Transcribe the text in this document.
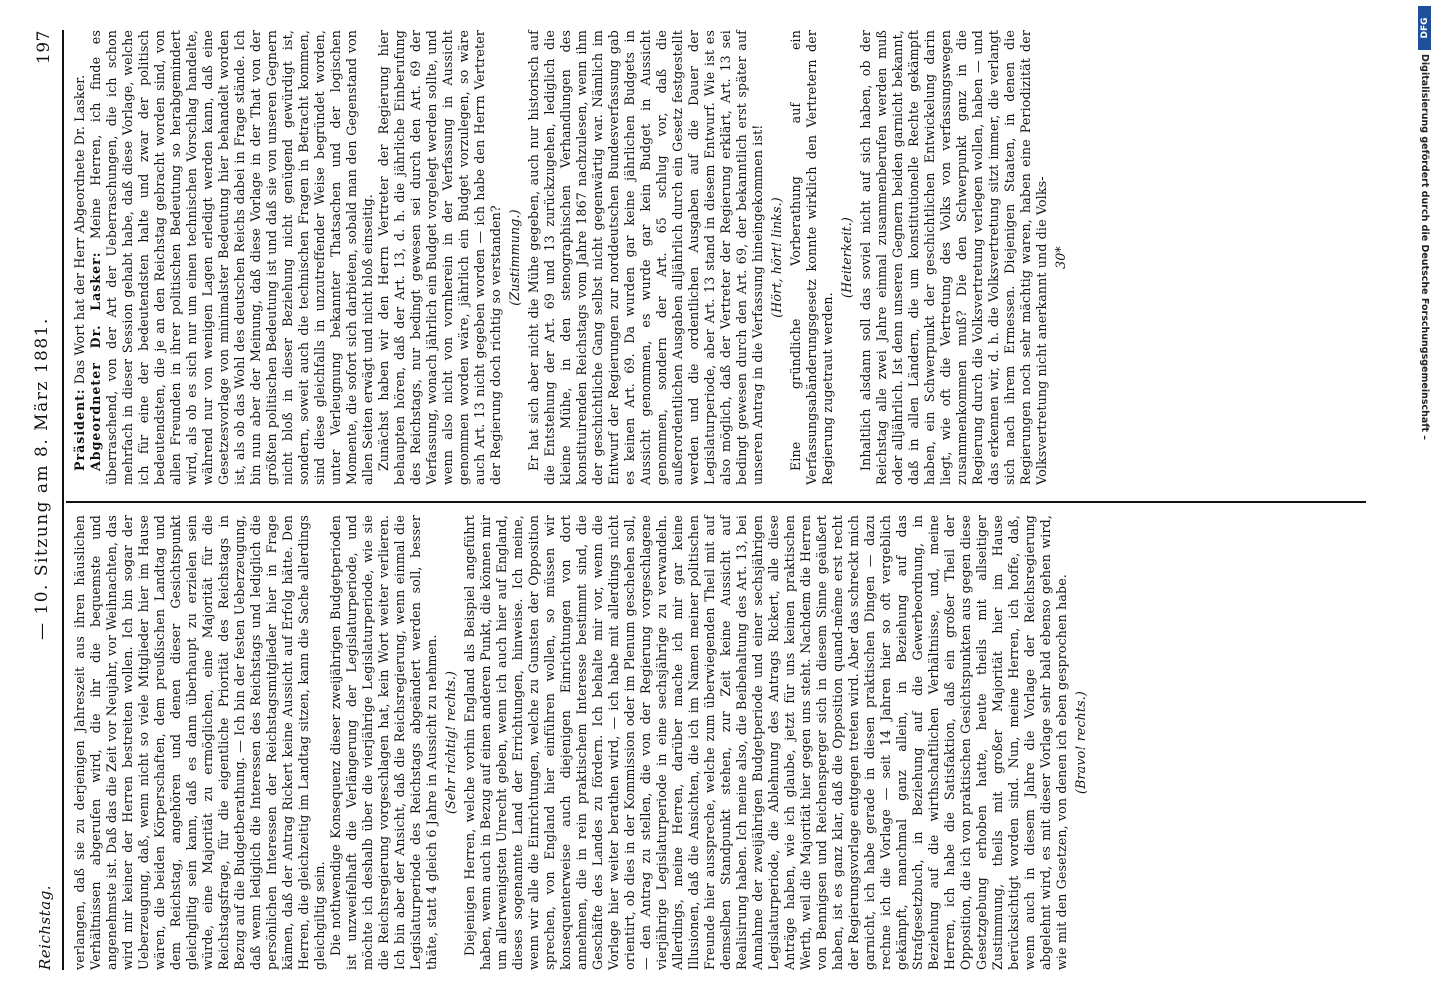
Reichstag.
— 10. Sitzung am 8. März 1881.
197

verlangen, daß sie zu derjenigen Jahreszeit aus ihren häuslichen Verhältnissen abgerufen wird, die ihr die bequemste und angenehmste ist. Daß das die Zeit vor Neujahr, vor Weihnachten, das wird mir keiner der Herren bestreiten wollen. Ich bin sogar der Ueberzeugung, daß, wenn nicht so viele Mitglieder hier im Hause wären, die beiden Körperschaften, dem preußischen Landtag und dem Reichstag, angehören und denen dieser Gesichtspunkt gleichgiltig sein kann, daß es dann überhaupt zu erzielen sein würde, eine Majorität zu ermöglichen, eine Majorität für die Reichstagsfrage, für die eigentliche Priorität des Reichstags in Bezug auf die Budgetberathung. — Ich bin der festen Ueberzeugung, daß wenn lediglich die Interessen des Reichstags und lediglich die persönlichen Interessen der Reichstagsmitglieder hier in Frage kämen, daß der Antrag Rickert keine Aussicht auf Erfolg hätte. Den Herren, die gleichzeitig im Landtag sitzen, kann die Sache allerdings gleichgiltig sein. Die nothwendige Konsequenz dieser zweijährigen Budgetperioden ist unzweifelhaft die Verlängerung der Legislaturperiode, und möchte ich deshalb über die vierjährige Legislaturperiode, wie sie die Reichsregierung vorgeschlagen hat, kein Wort weiter verlieren. Ich bin aber der Ansicht, daß die Reichsregierung, wenn einmal die Legislaturperiode des Reichstags abgeändert werden soll, besser thäte, statt 4 gleich 6 Jahre in Aussicht zu nehmen. (Sehr richtig! rechts.) Diejenigen Herren, welche vorhin England als Beispiel angeführt haben, wenn auch in Bezug auf einen anderen Punkt, die können mir um allerwenigsten Unrecht geben, wenn ich auch hier auf England, dieses sogenannte Land der Errichtungen, hinweise. Ich meine, wenn wir alle die Einrichtungen, welche zu Gunsten der Opposition sprechen, von England hier einführen wollen, so müssen wir konsequenterweise auch diejenigen Einrichtungen von dort annehmen, die in rein praktischem Interesse bestimmt sind, die Geschäfte des Landes zu fördern. Ich behalte mir vor, wenn die Vorlage hier weiter berathen wird, — ich habe mit allerdings nicht orientirt, ob dies in der Kommission oder im Plenum geschehen soll, — den Antrag zu stellen, die von der Regierung vorgeschlagene vierjährige Legislaturperiode in eine sechsjährige zu verwandeln. Allerdings, meine Herren, darüber mache ich mir gar keine Illusionen, daß die Ansichten, die ich im Namen meiner politischen Freunde hier ausspreche, welche zum überwiegenden Theil mit auf demselben Standpunkt stehen, zur Zeit keine Aussicht auf Realisirung haben. Ich meine also, die Beibehaltung des Art. 13, bei Annahme der zweijährigen Budgetperiode und einer sechsjährigen Legislaturperiode, die Ablehnung des Antrags Rickert, alle diese Anträge haben, wie ich glaube, jetzt für uns keinen praktischen Werth, weil die Majorität hier gegen uns steht. Nachdem die Herren von Bennigsen und Reichensperger sich in diesem Sinne geäußert haben, ist es ganz klar, daß die Opposition quand-même erst recht der Regierungsvorlage entgegen treten wird. Aber das schreckt mich garnicht, ich habe gerade in diesen praktischen Dingen — dazu rechne ich die Vorlage — seit 14 Jahren hier so oft vergeblich gekämpft, manchmal ganz allein, in Beziehung auf das Strafgesetzbuch, in Beziehung auf die Gewerbeordnung, in Beziehung auf die wirthschaftlichen Verhältnisse, und, meine Herren, ich habe die Satisfaktion, daß ein großer Theil der Opposition, die ich von praktischen Gesichtspunkten aus gegen diese Gesetzgebung erhoben hatte, heute theils mit allseitiger Zustimmung, theils mit großer Majorität hier im Hause berücksichtigt worden sind. Nun, meine Herren, ich hoffe, daß, wenn auch in diesem Jahre die Vorlage der Reichsregierung abgelehnt wird, es mit dieser Vorlage sehr bald ebenso gehen wird, wie mit den Gesetzen, von denen ich eben gesprochen habe. (Bravo! rechts.)

Präsident: Das Wort hat der Herr Abgeordnete Dr. Lasker. Abgeordneter Dr. Lasker: Meine Herren, ich finde es überraschend, von der Art der Ueberraschungen, die ich schon mehrfach in dieser Session gehabt habe, daß diese Vorlage, welche ich für eine der bedeutendsten halte und zwar der politisch bedeutendsten, die je an den Reichstag gebracht worden sind, von allen Freunden in ihrer politischen Bedeutung so herabgemindert wird, als ob es sich nur um einen technischen Vorschlag handelte, während nur von wenigen Lagen erledigt werden kann, daß eine Gesetzesvorlage von minimalster Bedeutung hier behandelt worden ist, als ob das Wohl des deutschen Reichs dabei in Frage stände. Ich bin nun aber der Meinung, daß diese Vorlage in der That von der größten politischen Bedeutung ist und daß sie von unseren Gegnern nicht bloß in dieser Beziehung nicht genügend gewürdigt ist, sondern, soweit auch die technischen Fragen in Betracht kommen, sind diese gleichfalls in unzutreffender Weise begründet worden, unter Verleugnung bekannter Thatsachen und der logischen Momente, die sofort sich darbieten, sobald man den Gegenstand von allen Seiten erwägt und nicht bloß einseitig. Zunächst haben wir den Herrn Vertreter der Regierung hier behaupten hören, daß der Art. 13, d. h. die jährliche Einberufung des Reichstags, nur bedingt gewesen sei durch den Art. 69 der Verfassung, wonach jährlich ein Budget vorgelegt werden sollte, und wenn also nicht von vornherein in der Verfassung in Aussicht genommen worden wäre, jährlich ein Budget vorzulegen, so wäre auch Art. 13 nicht gegeben worden — ich habe den Herrn Vertreter der Regierung doch richtig so verstanden? (Zustimmung.) Er hat sich aber nicht die Mühe gegeben, auch nur historisch auf die Entstehung der Art. 69 und 13 zurückzugehen, lediglich die kleine Mühe, in den stenographischen Verhandlungen des konstituirenden Reichstags vom Jahre 1867 nachzulesen, wenn ihm der geschichtliche Gang selbst nicht gegenwärtig war. Nämlich im Entwurf der Regierungen zur norddeutschen Bundesverfassung gab es keinen Art. 69. Da wurden gar keine jährlichen Budgets in Aussicht genommen, es wurde gar kein Budget in Aussicht genommen, sondern der Art. 65 schlug vor, daß die außerordentlichen Ausgaben alljährlich durch ein Gesetz festgestellt werden und die ordentlichen Ausgaben auf die Dauer der Legislaturperiode, aber Art. 13 stand in diesem Entwurf. Wie ist es also möglich, daß der Vertreter der Regierung erklärt, Art. 13 sei bedingt gewesen durch den Art. 69, der bekanntlich erst später auf unseren Antrag in die Verfassung hineingekommen ist! (Hört, hört! links.) Eine gründliche Vorberathung auf ein Verfassungsabänderungsgesetz konnte wirklich den Vertretern der Regierung zugetraut werden.

(Heiterkeit.) Inhaltlich alsdann soll das soviel nicht auf sich haben, ob der Reichstag alle zwei Jahre einmal zusammenberufen werden muß oder alljährlich. Ist denn unseren Gegnern beiden garnicht bekannt, daß in allen Ländern, die um konstitutionelle Rechte gekämpft haben, ein Schwerpunkt der geschichtlichen Entwickelung darin liegt, wie oft die Vertretung des Volks von verfassungswegen zusammenkommen muß? Die den Schwerpunkt ganz in die Regierung durch die Volksvertretung verlegen wollen, haben — und das erkennen wir, d. h. die Volksvertretung sitzt immer, die verlangt sich nach ihrem Ermessen. Diejenigen Staaten, in denen die Regierungen noch sehr mächtig waren, haben eine Periodizität der Volksvertretung nicht anerkannt und die Volks- 30*

DFG
Digitalisierung gefördert durch die Deutsche Forschungsgemeinschaft –
